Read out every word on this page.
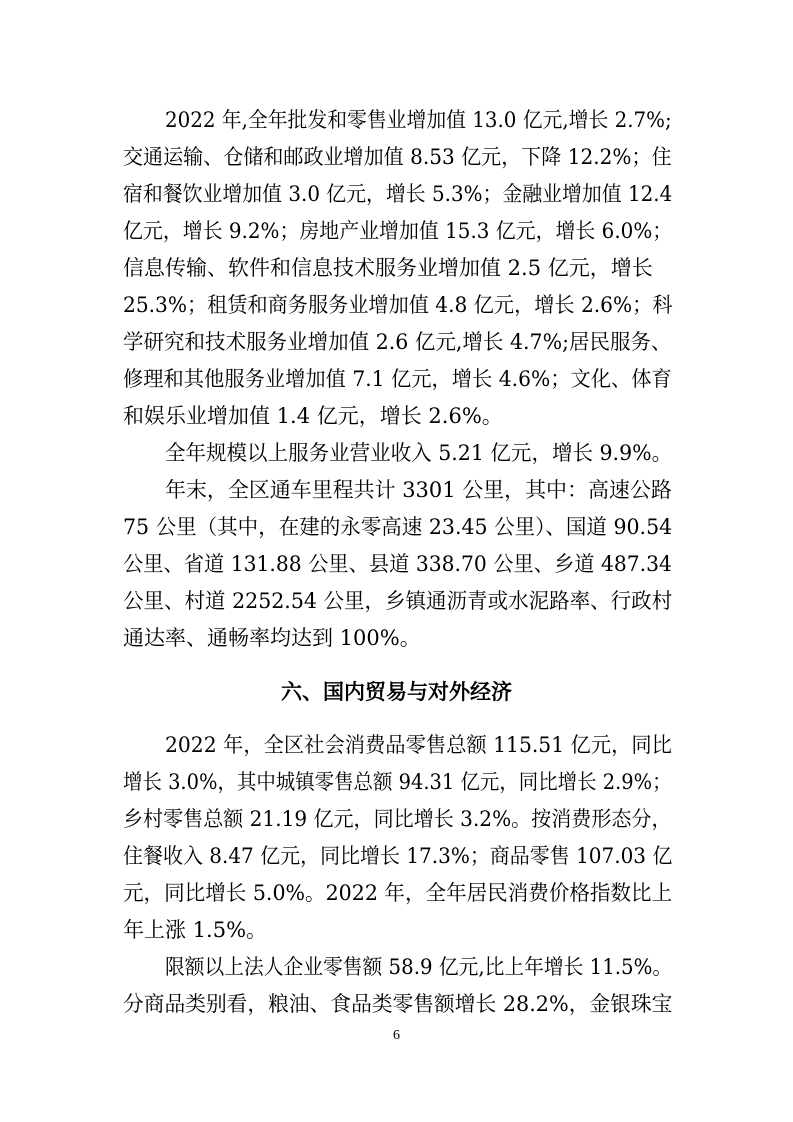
2022 年,全年批发和零售业增加值 13.0 亿元,增长 2.7%;
交通运输、仓储和邮政业增加值 8.53 亿元，下降 12.2%；住
宿和餐饮业增加值 3.0 亿元，增长 5.3%；金融业增加值 12.4
亿元，增长 9.2%；房地产业增加值 15.3 亿元，增长 6.0%；
信息传输、软件和信息技术服务业增加值 2.5 亿元，增长
25.3%；租赁和商务服务业增加值 4.8 亿元，增长 2.6%；科
学研究和技术服务业增加值 2.6 亿元,增长 4.7%;居民服务、
修理和其他服务业增加值 7.1 亿元，增长 4.6%；文化、体育
和娱乐业增加值 1.4 亿元，增长 2.6%。
全年规模以上服务业营业收入 5.21 亿元，增长 9.9%。
年末，全区通车里程共计 3301 公里，其中：高速公路
75 公里（其中，在建的永零高速 23.45 公里）、国道 90.54
公里、省道 131.88 公里、县道 338.70 公里、乡道 487.34
公里、村道 2252.54 公里，乡镇通沥青或水泥路率、行政村
通达率、通畅率均达到 100%。
六、国内贸易与对外经济
2022 年，全区社会消费品零售总额 115.51 亿元，同比
增长 3.0%，其中城镇零售总额 94.31 亿元，同比增长 2.9%；
乡村零售总额 21.19 亿元，同比增长 3.2%。按消费形态分，
住餐收入 8.47 亿元，同比增长 17.3%；商品零售 107.03 亿
元，同比增长 5.0%。2022 年，全年居民消费价格指数比上
年上涨 1.5%。
限额以上法人企业零售额 58.9 亿元,比上年增长 11.5%。
分商品类别看，粮油、食品类零售额增长 28.2%，金银珠宝
6
